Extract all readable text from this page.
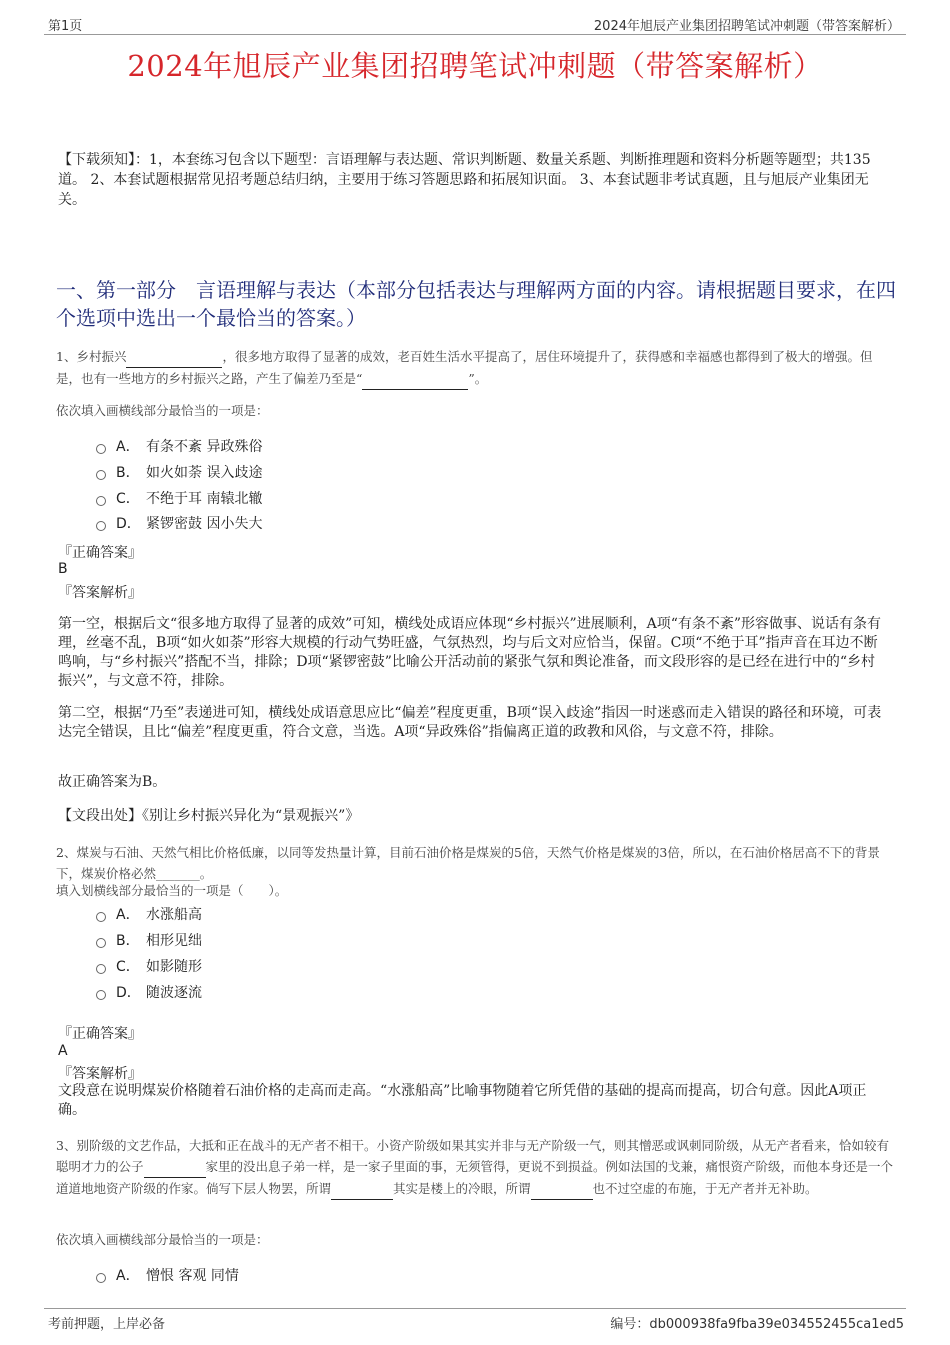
第1页	2024年旭辰产业集团招聘笔试冲刺题（带答案解析）
2024年旭辰产业集团招聘笔试冲刺题（带答案解析）
【下载须知】：1，本套练习包含以下题型：言语理解与表达题、常识判断题、数量关系题、判断推理题和资料分析题等题型；共135道。 2、本套试题根据常见招考题总结归纳，主要用于练习答题思路和拓展知识面。 3、本套试题非考试真题，且与旭辰产业集团无关。
一、第一部分　言语理解与表达（本部分包括表达与理解两方面的内容。请根据题目要求，在四个选项中选出一个最恰当的答案。）
1、乡村振兴	，很多地方取得了显著的成效，老百姓生活水平提高了，居住环境提升了，获得感和幸福感也都得到了极大的增强。但是，也有一些地方的乡村振兴之路，产生了偏差乃至是“	”。
依次填入画横线部分最恰当的一项是：
A． 有条不紊 异政殊俗
B． 如火如荼 误入歧途
C． 不绝于耳 南辕北辙
D． 紧锣密鼓 因小失大
『正确答案』
B
『答案解析』
第一空，根据后文“很多地方取得了显著的成效”可知，横线处成语应体现“乡村振兴”进展顺利，A项“有条不紊”形容做事、说话有条有理，丝毫不乱，B项“如火如荼”形容大规模的行动气势旺盛，气氛热烈，均与后文对应恰当，保留。C项“不绝于耳”指声音在耳边不断鸣响，与“乡村振兴”搭配不当，排除；D项“紧锣密鼓”比喻公开活动前的紧张气氛和舆论准备，而文段形容的是已经在进行中的“乡村振兴”，与文意不符，排除。
第二空，根据“乃至”表递进可知，横线处成语意思应比“偏差”程度更重，B项“误入歧途”指因一时迷惑而走入错误的路径和环境，可表达完全错误，且比“偏差”程度更重，符合文意，当选。A项“异政殊俗”指偏离正道的政教和风俗，与文意不符，排除。
故正确答案为B。
【文段出处】《别让乡村振兴异化为“景观振兴”》
2、煤炭与石油、天然气相比价格低廉，以同等发热量计算，目前石油价格是煤炭的5倍，天然气价格是煤炭的3倍，所以，在石油价格居高不下的背景下，煤炭价格必然_______。
填入划横线部分最恰当的一项是（　　）。
A． 水涨船高
B． 相形见绌
C． 如影随形
D． 随波逐流
『正确答案』
A
『答案解析』
文段意在说明煤炭价格随着石油价格的走高而走高。“水涨船高”比喻事物随着它所凭借的基础的提高而提高，切合句意。因此A项正确。
3、别阶级的文艺作品，大抵和正在战斗的无产者不相干。小资产阶级如果其实并非与无产阶级一气，则其憎恶或讽刺同阶级，从无产者看来，恰如较有聪明才力的公子	家里的没出息子弟一样，是一家子里面的事，无须管得，更说不到损益。例如法国的戈兼，痛恨资产阶级，而他本身还是一个道道地地资产阶级的作家。倘写下层人物罢，所谓	其实是楼上的冷眼，所谓	也不过空虚的布施，于无产者并无补助。
依次填入画横线部分最恰当的一项是：
A． 憎恨 客观 同情
考前押题，上岸必备	编号：db000938fa9fba39e034552455ca1ed5
